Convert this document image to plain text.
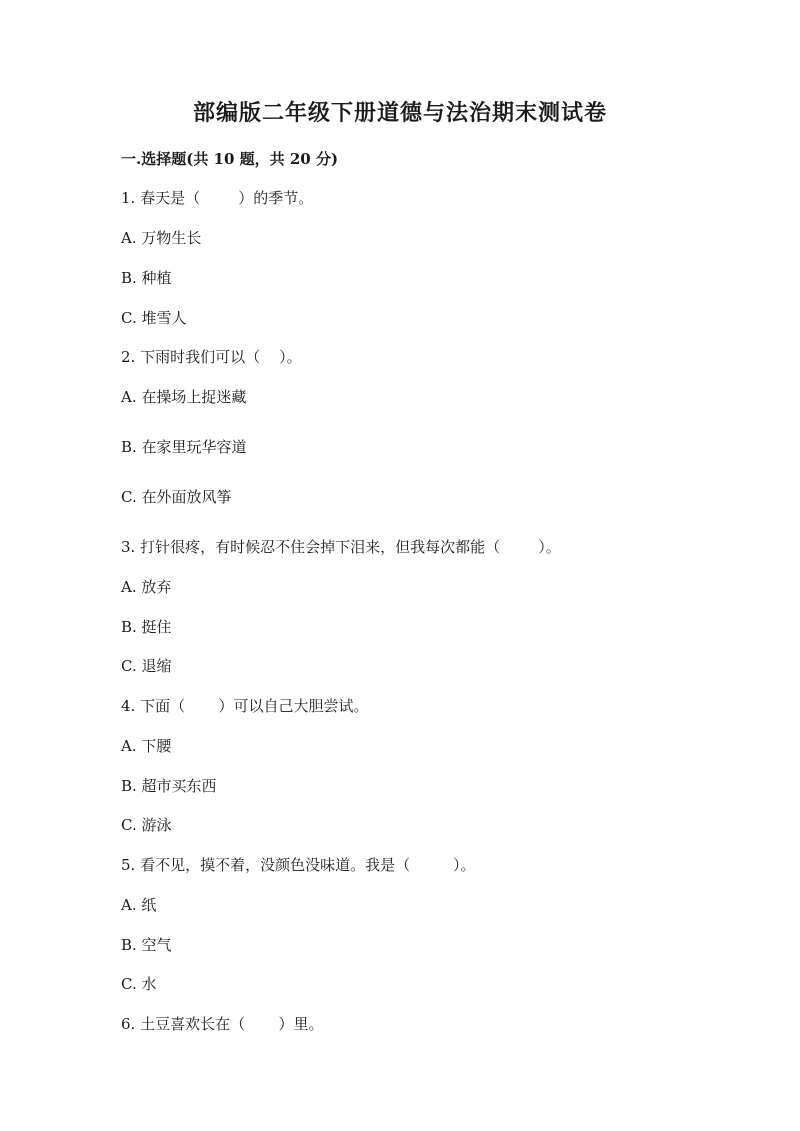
部编版二年级下册道德与法治期末测试卷
一.选择题(共 10 题，共 20 分)
1. 春天是（        ）的季节。
A. 万物生长
B. 种植
C. 堆雪人
2. 下雨时我们可以（    ）。
A. 在操场上捉迷藏
B. 在家里玩华容道
C. 在外面放风筝
3. 打针很疼，有时候忍不住会掉下泪来，但我每次都能（        ）。
A. 放弃
B. 挺住
C. 退缩
4. 下面（       ）可以自己大胆尝试。
A. 下腰
B. 超市买东西
C. 游泳
5. 看不见，摸不着，没颜色没味道。我是（         ）。
A. 纸
B. 空气
C. 水
6. 土豆喜欢长在（       ）里。
